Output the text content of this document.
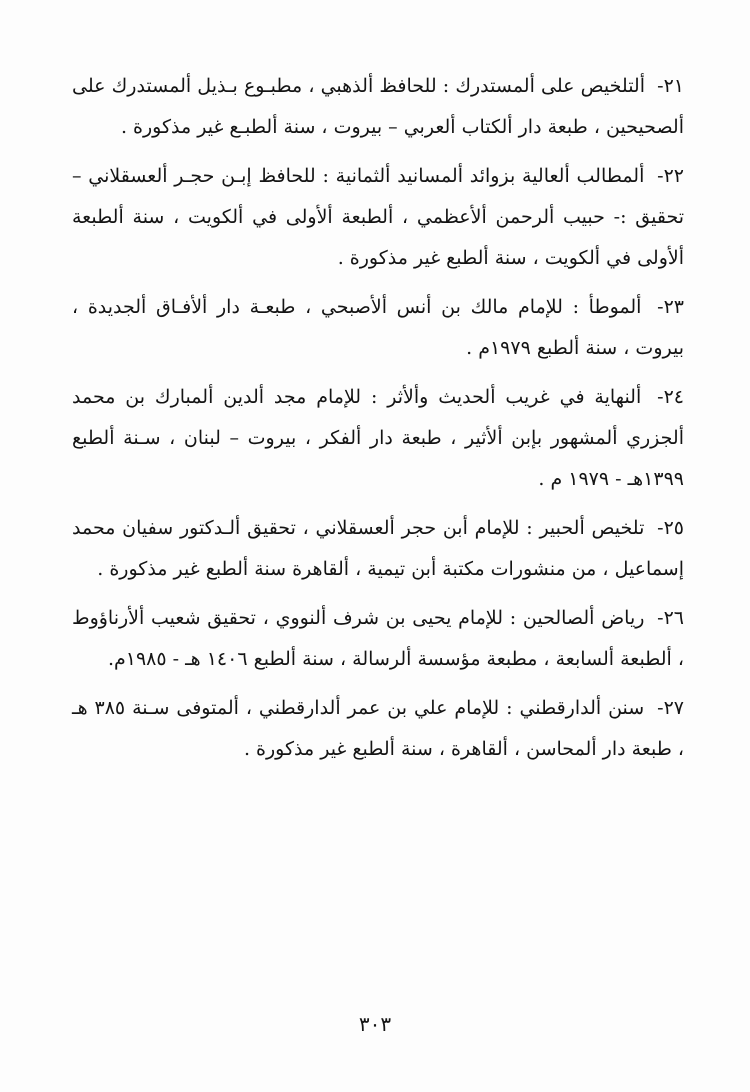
٢١- ألتلخيص على ألمستدرك : للحافظ ألذهبي ، مطبـوع بـذيل ألمستدرك على ألصحيحين ، طبعة دار ألكتاب ألعربي – بيروت ، سنة ألطبـع غير مذكورة .

٢٢- ألمطالب ألعالية بزوائد ألمسانيد ألثمانية : للحافظ إبـن حجـر ألعسقلاني – تحقيق :- حبيب ألرحمن ألأعظمي ، ألطبعة ألأولى في ألكويت ، سنة ألطبعة ألأولى في ألكويت ، سنة ألطبع غير مذكورة .

٢٣- ألموطأ : للإمام مالك بن أنس ألأصبحي ، طبعـة دار ألأفـاق ألجديدة ، بيروت ، سنة ألطبع ١٩٧٩م .

٢٤- ألنهاية في غريب ألحديث وألأثر : للإمام مجد ألدين ألمبارك بن محمد ألجزري ألمشهور بإبن ألأثير ، طبعة دار ألفكر ، بيروت – لبنان ، سـنة ألطبع ١٣٩٩هـ - ١٩٧٩ م .

٢٥- تلخيص ألحبير : للإمام أبن حجر ألعسقلاني ، تحقيق ألـدكتور سفيان محمد إسماعيل ، من منشورات مكتبة أبن تيمية ، ألقاهرة سنة ألطبع غير مذكورة .

٢٦- رياض ألصالحين : للإمام يحيى بن شرف ألنووي ، تحقيق شعيب ألأرناؤوط ، ألطبعة ألسابعة ، مطبعة مؤسسة ألرسالة ، سنة ألطبع ١٤٠٦ هـ - ١٩٨٥م.

٢٧- سنن ألدارقطني : للإمام علي بن عمر ألدارقطني ، ألمتوفى سـنة ٣٨٥ هـ ، طبعة دار ألمحاسن ، ألقاهرة ، سنة ألطبع غير مذكورة .

٣٠٣
